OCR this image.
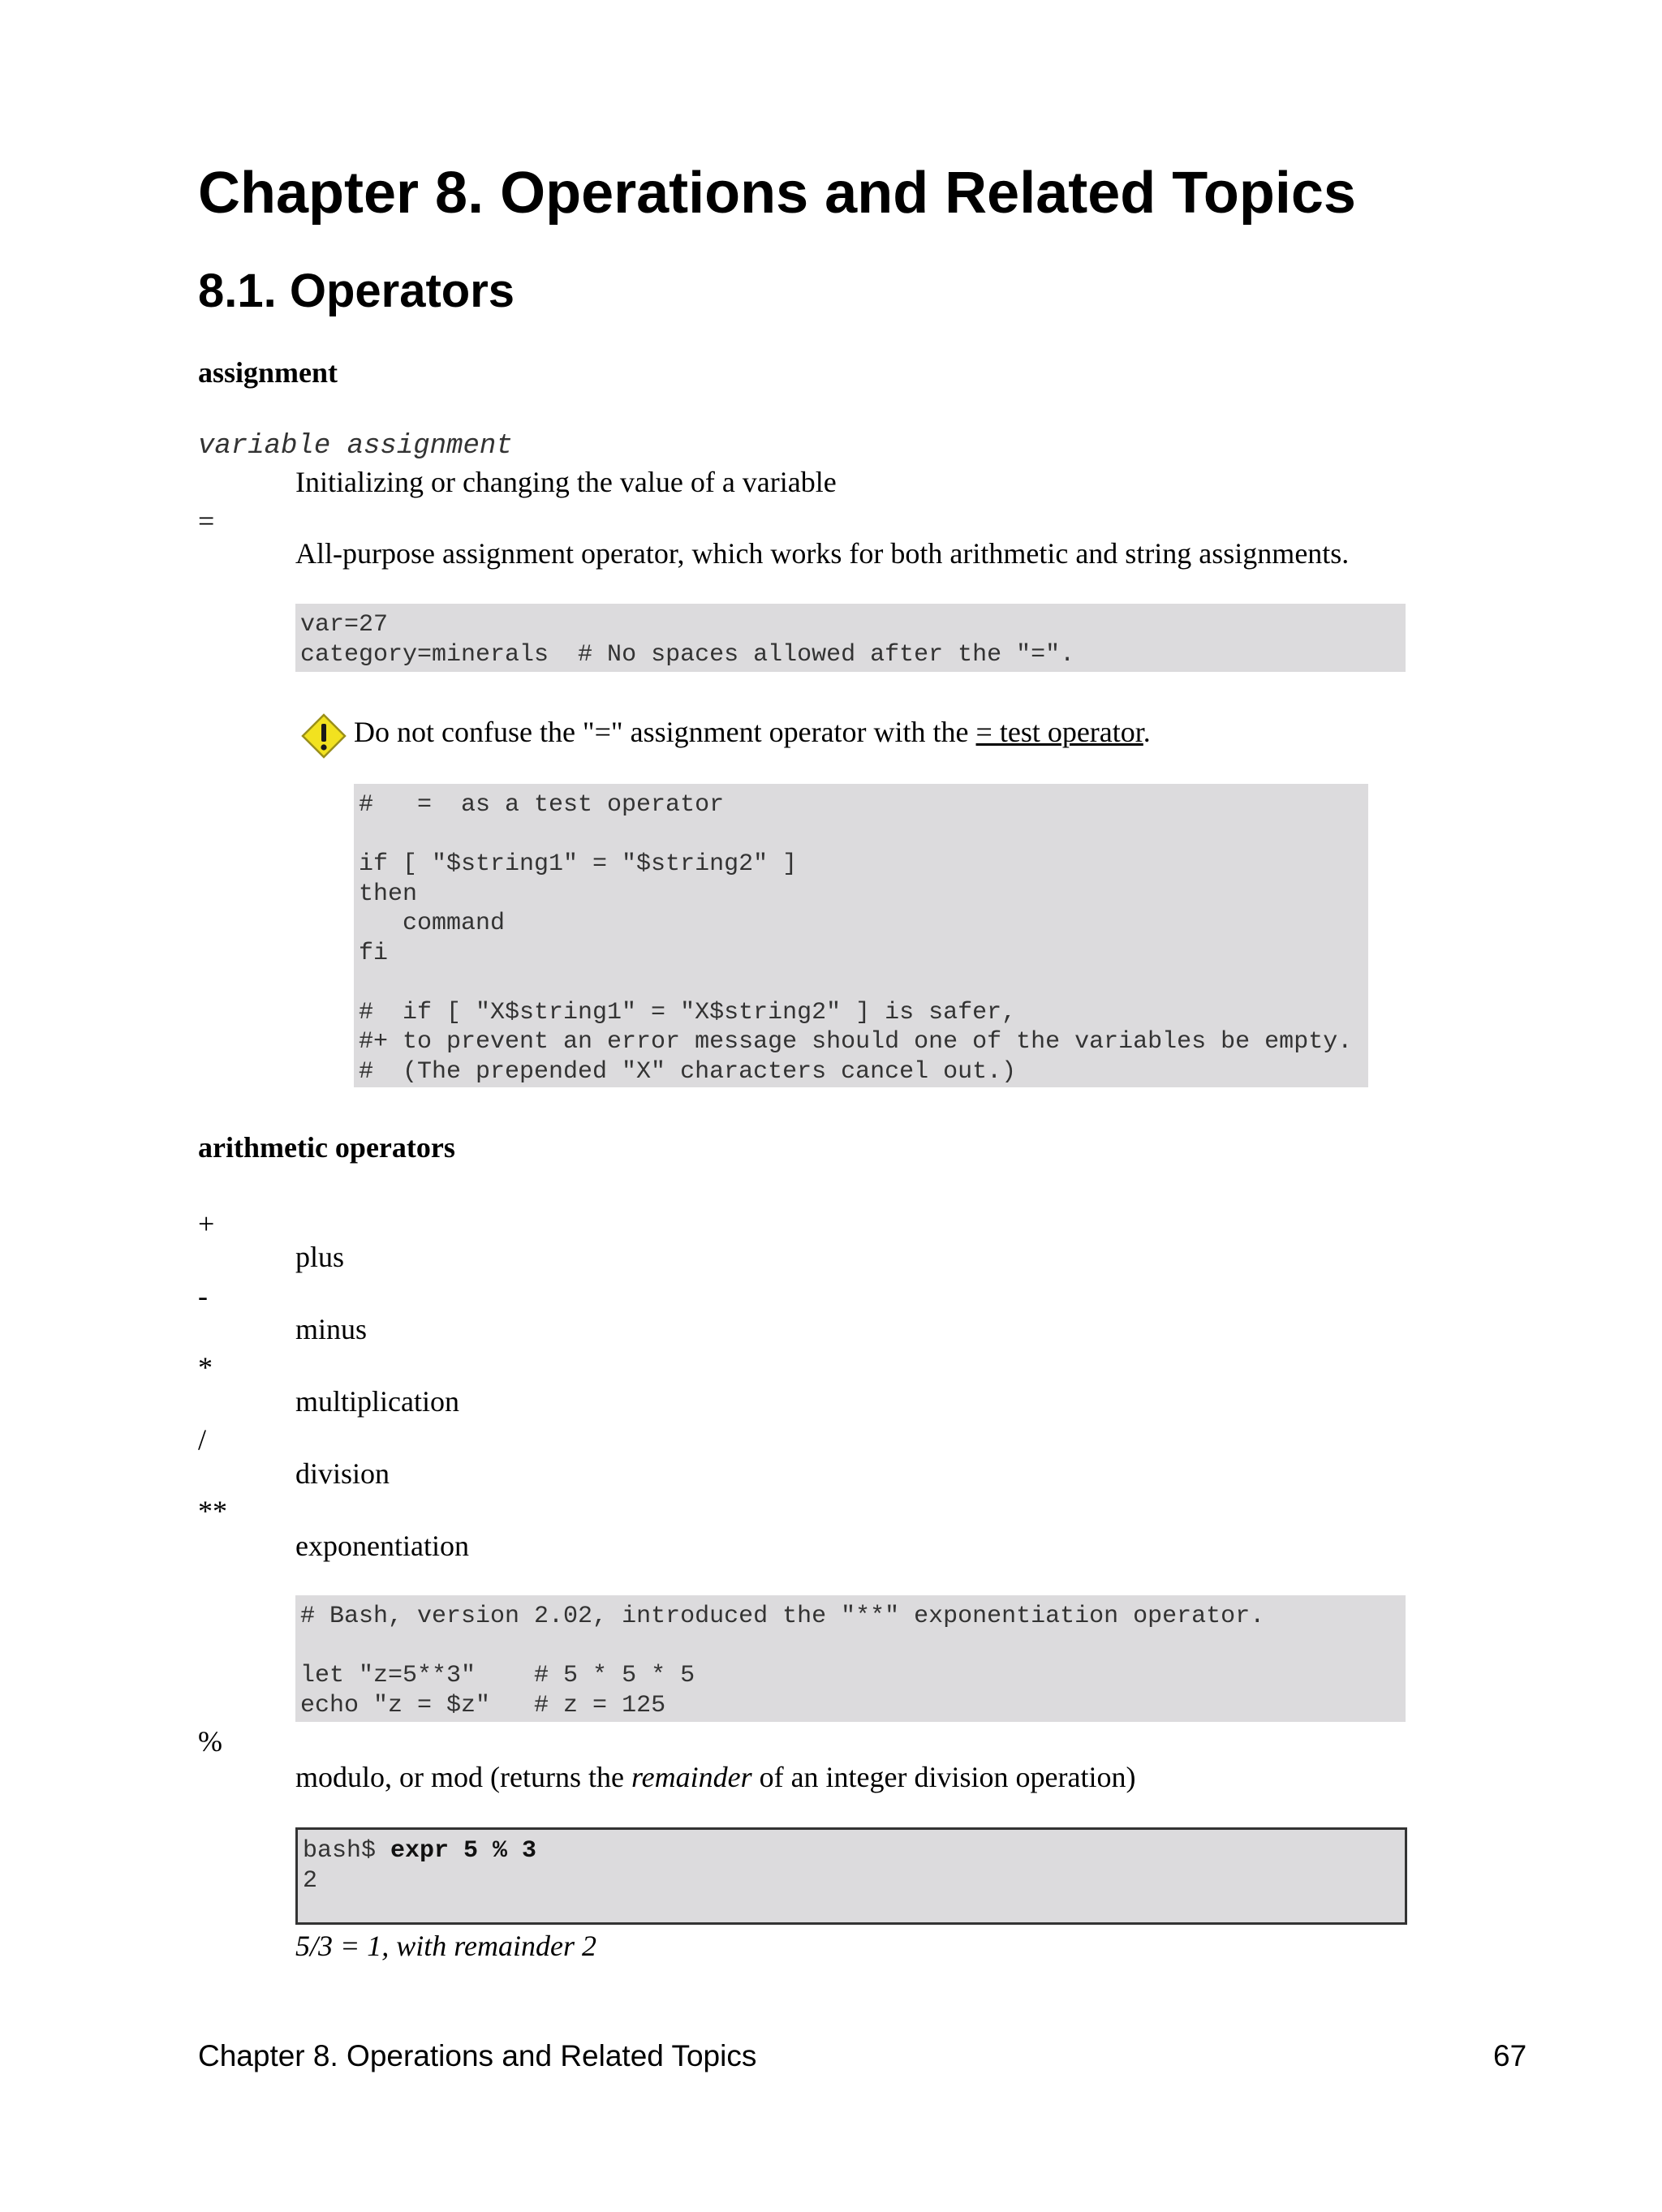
Chapter 8. Operations and Related Topics
8.1. Operators
assignment
variable assignment
Initializing or changing the value of a variable
=
All-purpose assignment operator, which works for both arithmetic and string assignments.
var=27
category=minerals  # No spaces allowed after the "=".
Do not confuse the "=" assignment operator with the = test operator.
#   =  as a test operator
if [ "$string1" = "$string2" ]
then
command
fi
#  if [ "X$string1" = "X$string2" ] is safer,
#+ to prevent an error message should one of the variables be empty.
#  (The prepended "X" characters cancel out.)
arithmetic operators
+
plus
-
minus
*
multiplication
/
division
**
exponentiation
# Bash, version 2.02, introduced the "**" exponentiation operator.
let "z=5**3"    # 5 * 5 * 5
echo "z = $z"   # z = 125
%
modulo, or mod (returns the remainder of an integer division operation)
bash$ expr 5 % 3
2
5/3 = 1, with remainder 2
Chapter 8. Operations and Related Topics	67
